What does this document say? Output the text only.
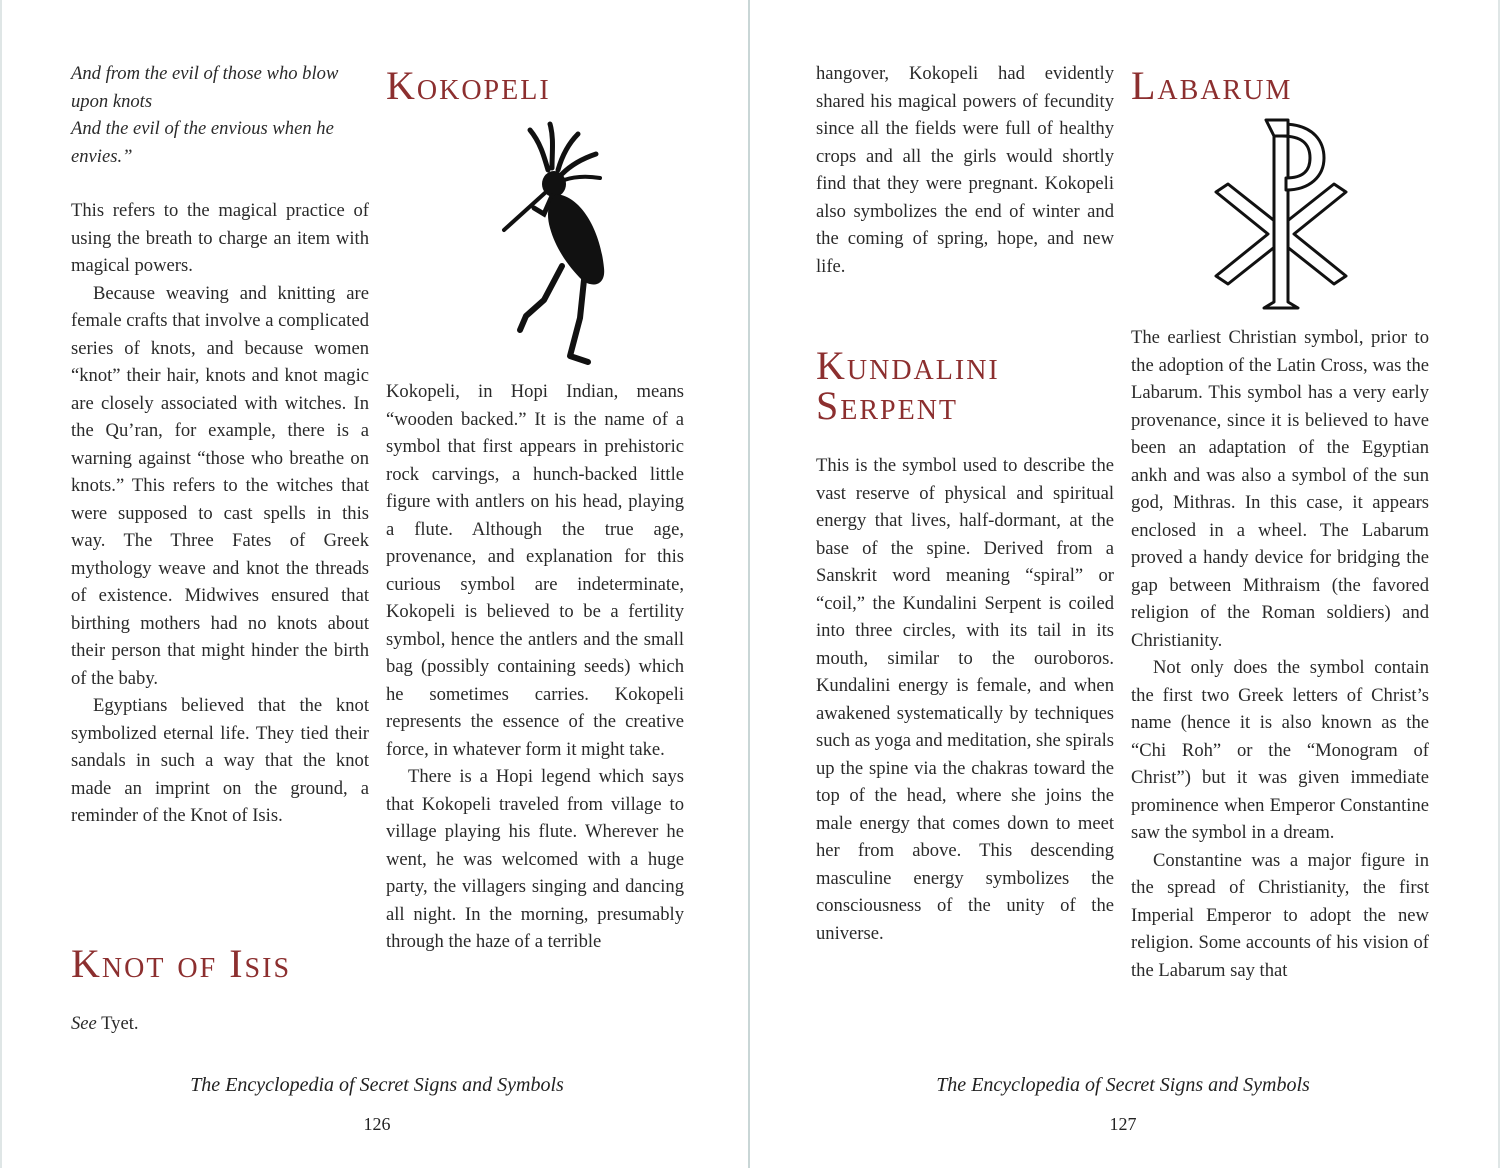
And from the evil of those who blow
upon knots
And the evil of the envious when he
envies.”

This refers to the magical practice of using the breath to charge an item with magical powers.

Because weaving and knitting are female crafts that involve a complicated series of knots, and because women “knot” their hair, knots and knot magic are closely associated with witches. In the Qu’ran, for example, there is a warning against “those who breathe on knots.” This refers to the witches that were supposed to cast spells in this way. The Three Fates of Greek mythology weave and knot the threads of existence. Midwives ensured that birthing mothers had no knots about their person that might hinder the birth of the baby.

Egyptians believed that the knot symbolized eternal life. They tied their sandals in such a way that the knot made an imprint on the ground, a reminder of the Knot of Isis.

Knot of Isis
See Tyet.
Kokopeli

Kokopeli, in Hopi Indian, means “wooden backed.” It is the name of a symbol that first appears in prehistoric rock carvings, a hunch-backed little figure with antlers on his head, playing a flute. Although the true age, provenance, and explanation for this curious symbol are indeterminate, Kokopeli is believed to be a fertility symbol, hence the antlers and the small bag (possibly containing seeds) which he sometimes carries. Kokopeli represents the essence of the creative force, in whatever form it might take.

There is a Hopi legend which says that Kokopeli traveled from village to village playing his flute. Wherever he went, he was welcomed with a huge party, the villagers singing and dancing all night. In the morning, presumably through the haze of a terrible

The Encyclopedia of Secret Signs and Symbols
126

hangover, Kokopeli had evidently shared his magical powers of fecundity since all the fields were full of healthy crops and all the girls would shortly find that they were pregnant. Kokopeli also symbolizes the end of winter and the coming of spring, hope, and new life.

Kundalini
Serpent

This is the symbol used to describe the vast reserve of physical and spiritual energy that lives, half-dormant, at the base of the spine. Derived from a Sanskrit word meaning “spiral” or “coil,” the Kundalini Serpent is coiled into three circles, with its tail in its mouth, similar to the ouroboros. Kundalini energy is female, and when awakened systematically by techniques such as yoga and meditation, she spirals up the spine via the chakras toward the top of the head, where she joins the male energy that comes down to meet her from above. This descending masculine energy symbolizes the consciousness of the unity of the universe.

Labarum

The earliest Christian symbol, prior to the adoption of the Latin Cross, was the Labarum. This symbol has a very early provenance, since it is believed to have been an adaptation of the Egyptian ankh and was also a symbol of the sun god, Mithras. In this case, it appears enclosed in a wheel. The Labarum proved a handy device for bridging the gap between Mithraism (the favored religion of the Roman soldiers) and Christianity.

Not only does the symbol contain the first two Greek letters of Christ’s name (hence it is also known as the “Chi Roh” or the “Monogram of Christ”) but it was given immediate prominence when Emperor Constantine saw the symbol in a dream.

Constantine was a major figure in the spread of Christianity, the first Imperial Emperor to adopt the new religion. Some accounts of his vision of the Labarum say that

The Encyclopedia of Secret Signs and Symbols
127
